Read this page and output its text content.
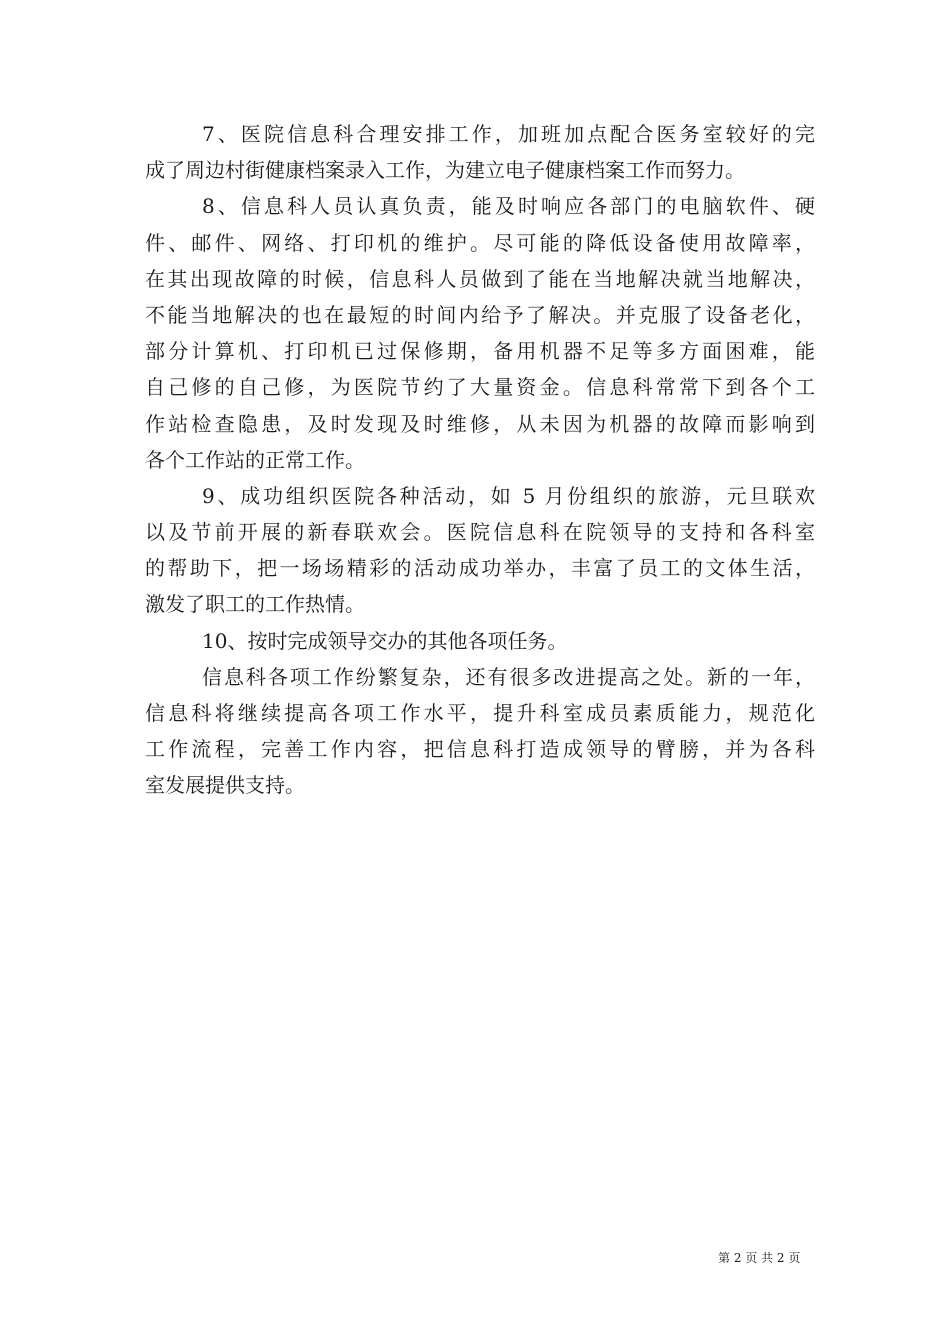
7、医院信息科合理安排工作，加班加点配合医务室较好的完
成了周边村街健康档案录入工作，为建立电子健康档案工作而努力。
8、信息科人员认真负责，能及时响应各部门的电脑软件、硬
件、邮件、网络、打印机的维护。尽可能的降低设备使用故障率，
在其出现故障的时候，信息科人员做到了能在当地解决就当地解决，
不能当地解决的也在最短的时间内给予了解决。并克服了设备老化，
部分计算机、打印机已过保修期，备用机器不足等多方面困难，能
自己修的自己修，为医院节约了大量资金。信息科常常下到各个工
作站检查隐患，及时发现及时维修，从未因为机器的故障而影响到
各个工作站的正常工作。
9、成功组织医院各种活动，如 5 月份组织的旅游，元旦联欢
以及节前开展的新春联欢会。医院信息科在院领导的支持和各科室
的帮助下，把一场场精彩的活动成功举办，丰富了员工的文体生活，
激发了职工的工作热情。
10、按时完成领导交办的其他各项任务。
信息科各项工作纷繁复杂，还有很多改进提高之处。新的一年，
信息科将继续提高各项工作水平，提升科室成员素质能力，规范化
工作流程，完善工作内容，把信息科打造成领导的臂膀，并为各科
室发展提供支持。
第 2 页 共 2 页
